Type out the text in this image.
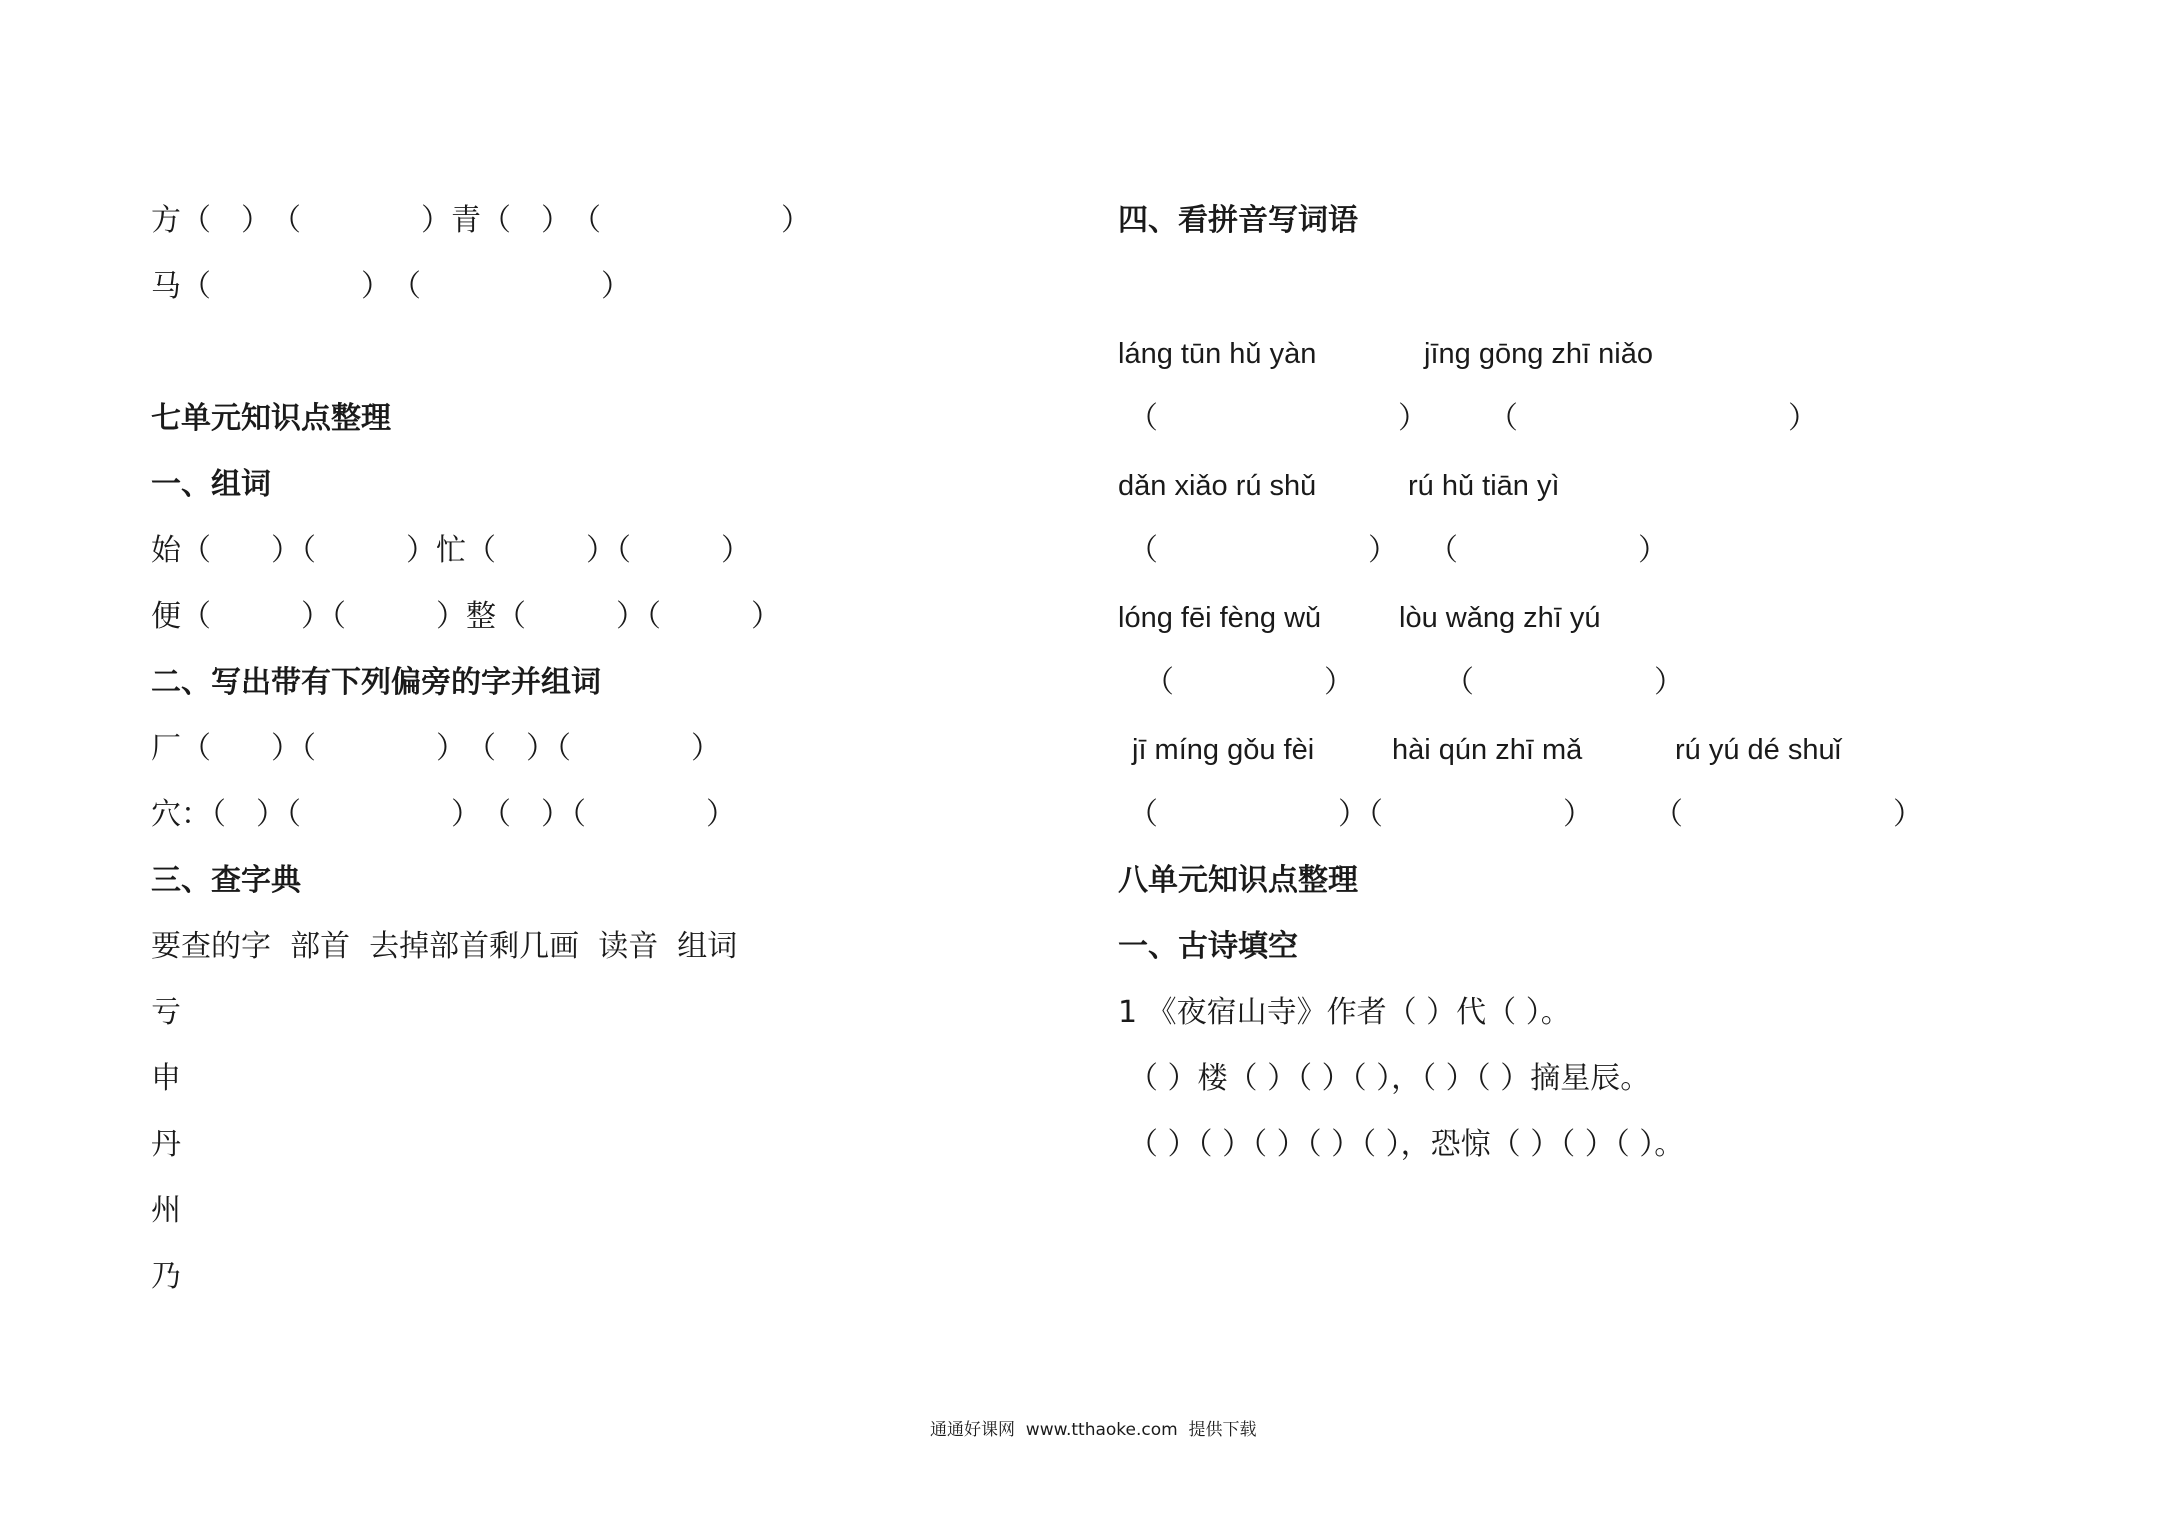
方（　）　（　　　　）青（　）　（　　　　　　）
马（　　　　　）　（　　　　　　）
七单元知识点整理
一、组词
始（　　）（　　　）忙（　　　）（　　　）
便（　　　）（　　　）整（　　　）（　　　）
二、写出带有下列偏旁的字并组词
厂（　　）（　　　　）　（　）（　　　　）
穴：（　）（　　　　　）　（　）（　　　　）
三、查字典
要查的字  部首  去掉部首剩几画  读音  组词
亏
申
丹
州
乃
四、看拼音写词语
láng tūn hǔ yàn	jīng gōng zhī niǎo
（　　　　　　　　）　　　（　　　　　　　　　）
dǎn xiǎo rú shǔ	rú hǔ tiān yì
（　　　　　　　）　　（　　　　　　）
lóng fēi fèng wǔ	lòu wǎng zhī yú
（　　　　　）　　　　（　　　　　　）
jī míng gǒu fèi	hài qún zhī mǎ	rú yú dé shuǐ
（　　　　　　）（　　　　　　）　　　（　　　　　　　）
八单元知识点整理
一、古诗填空
1 《夜宿山寺》作者（ ）代（ ）。
（ ）楼（ ）（ ）（ ），（ ）（ ）摘星辰。
（ ）（ ）（ ）（ ）（ ），恐惊（ ）（ ）（ ）。
通通好课网  www.tthaoke.com  提供下载
